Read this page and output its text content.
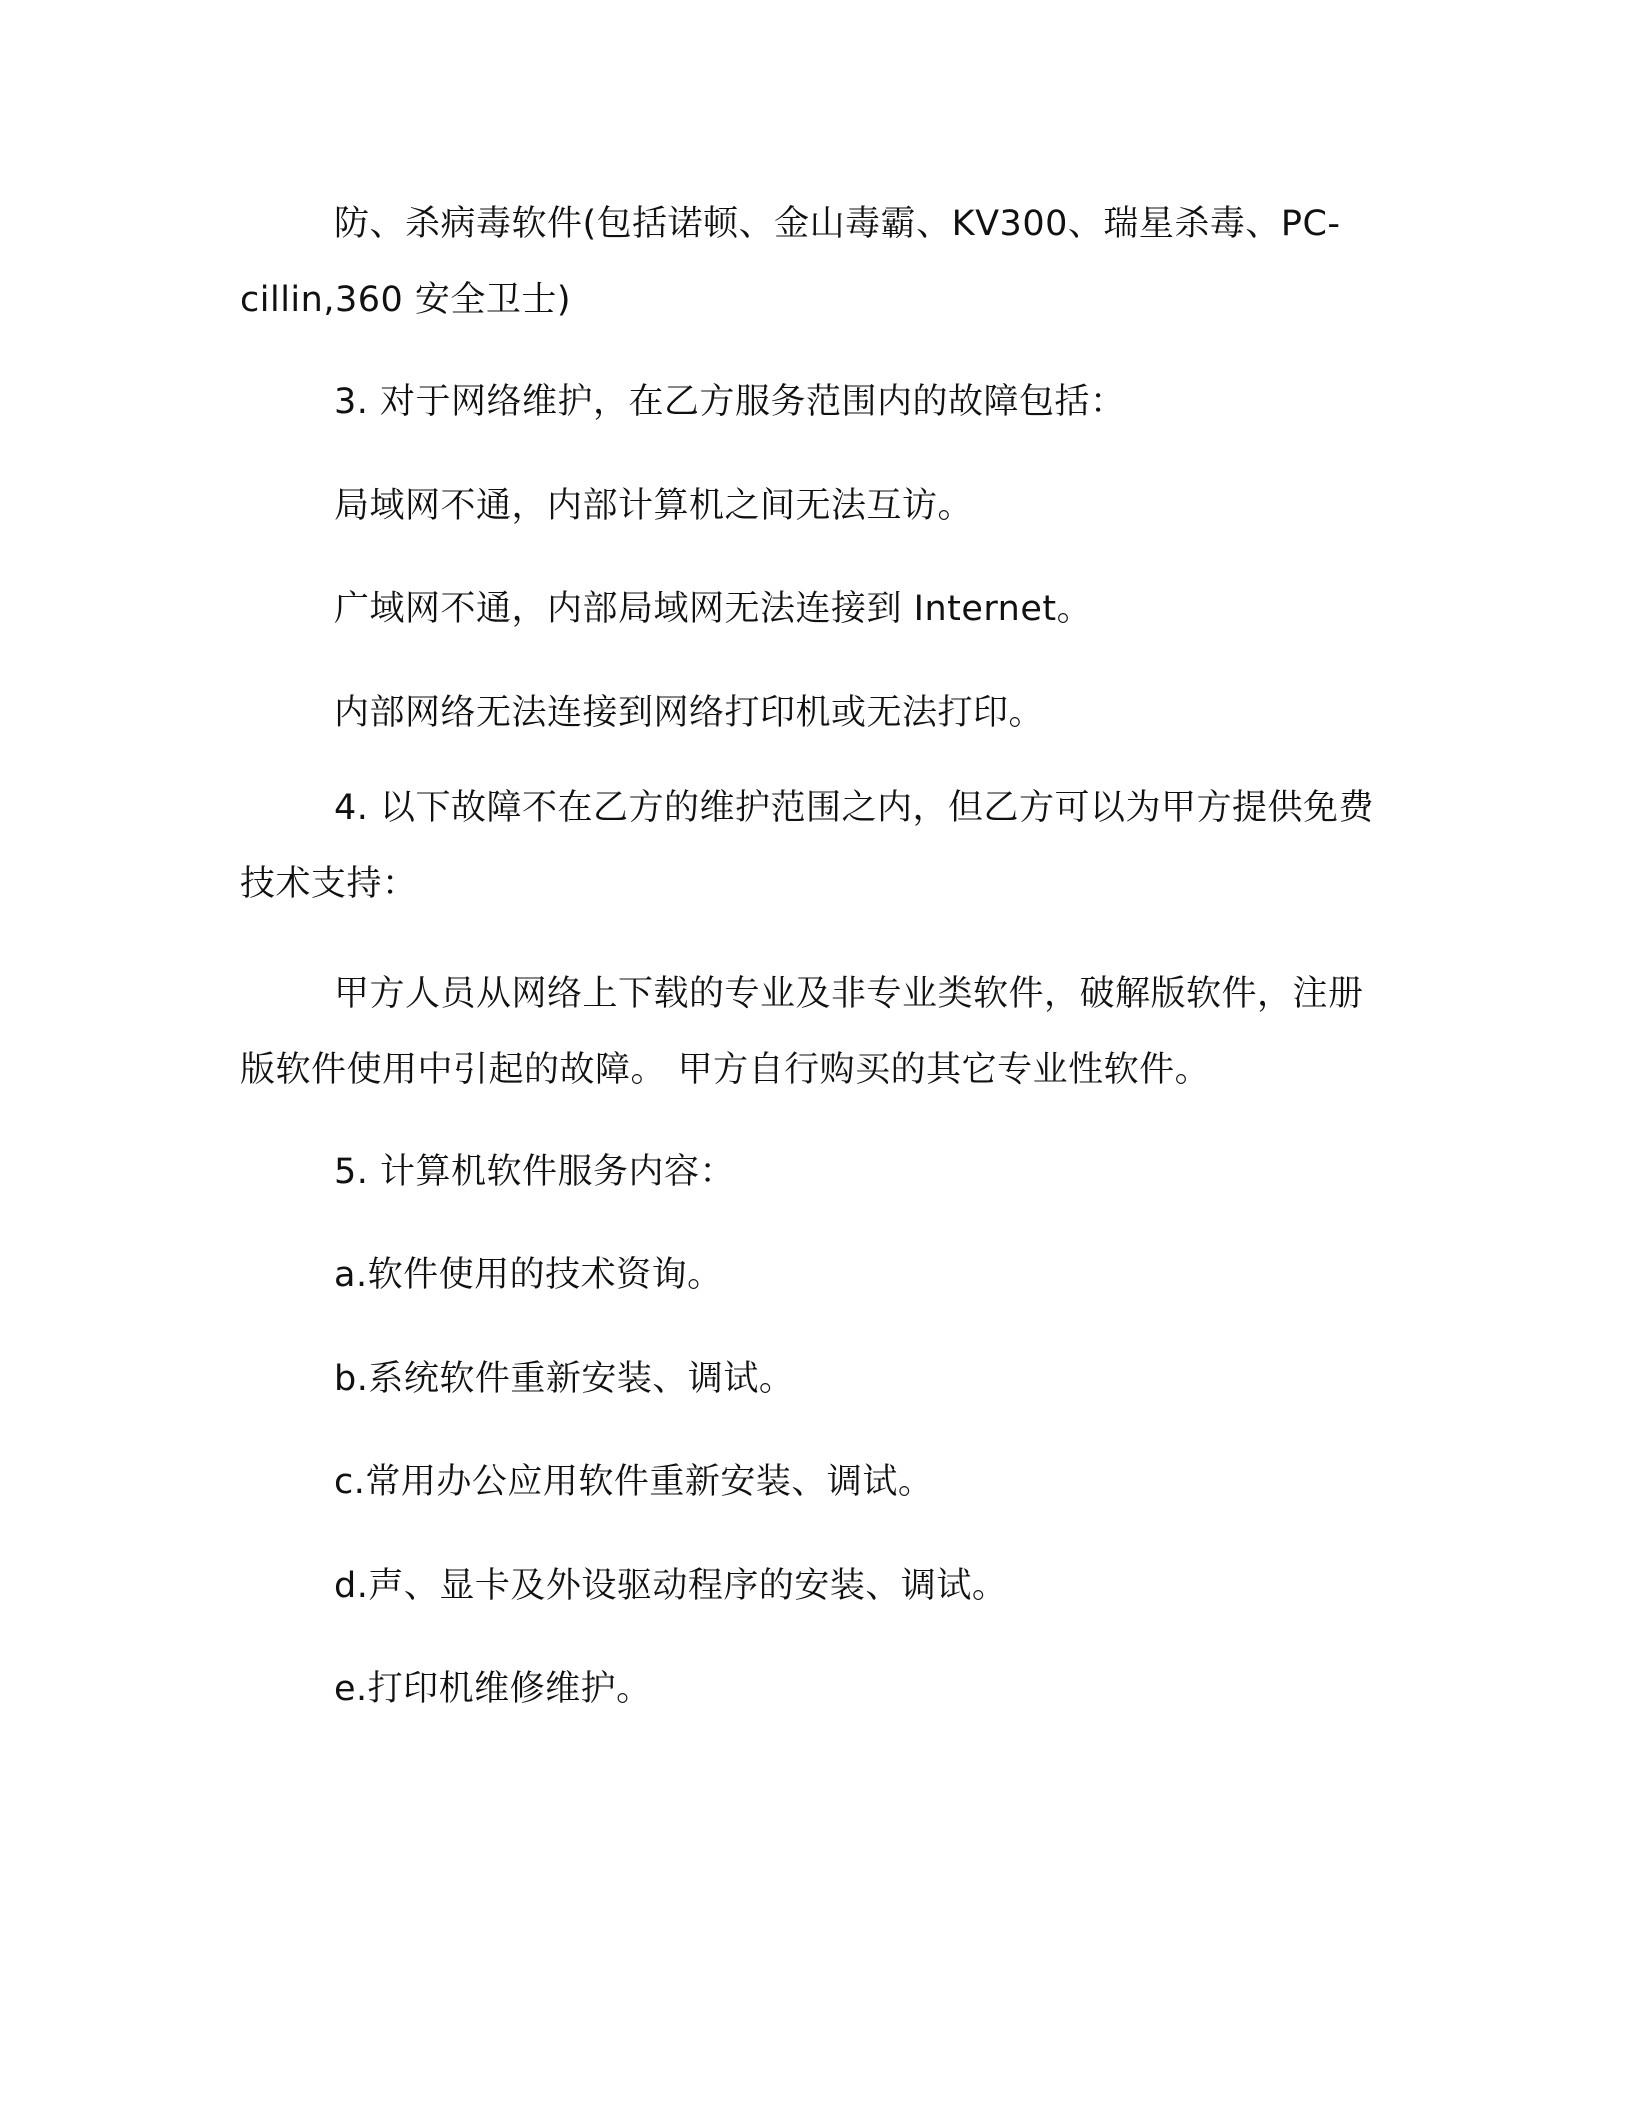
防、杀病毒软件(包括诺顿、金山毒霸、KV300、瑞星杀毒、PC-cillin,360 安全卫士)

3. 对于网络维护，在乙方服务范围内的故障包括：

局域网不通，内部计算机之间无法互访。

广域网不通，内部局域网无法连接到 Internet。

内部网络无法连接到网络打印机或无法打印。

4. 以下故障不在乙方的维护范围之内，但乙方可以为甲方提供免费技术支持：

甲方人员从网络上下载的专业及非专业类软件，破解版软件，注册版软件使用中引起的故障。 甲方自行购买的其它专业性软件。

5. 计算机软件服务内容：

a.软件使用的技术资询。

b.系统软件重新安装、调试。

c.常用办公应用软件重新安装、调试。

d.声、显卡及外设驱动程序的安装、调试。

e.打印机维修维护。
